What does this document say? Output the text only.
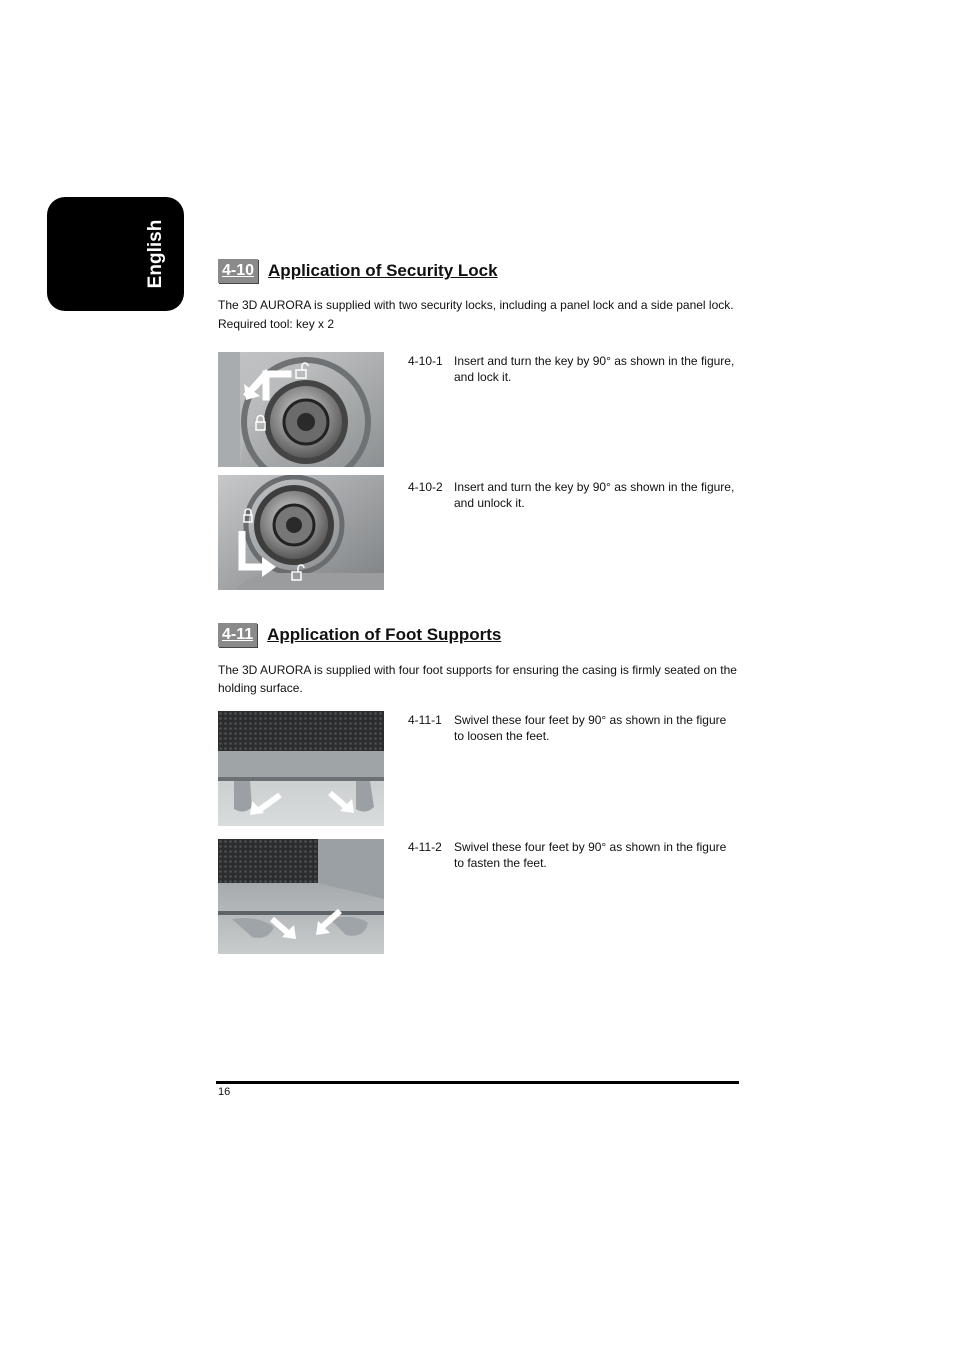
English	4-10 Application of Security Lock
The 3D AURORA is supplied with two security locks, including a panel lock and a side panel lock.
Required tool: key x 2
4-10-1 Insert and turn the key by 90° as shown in the figure, and lock it.
4-10-2 Insert and turn the key by 90° as shown in the figure, and unlock it.
4-11 Application of Foot Supports
The 3D AURORA is supplied with four foot supports for ensuring the casing is firmly seated on the holding surface.
4-11-1	Swivel these four feet by 90° as shown in the figure to loosen the feet.
4-11-2	Swivel these four feet by 90° as shown in the figure to fasten the feet.
16
